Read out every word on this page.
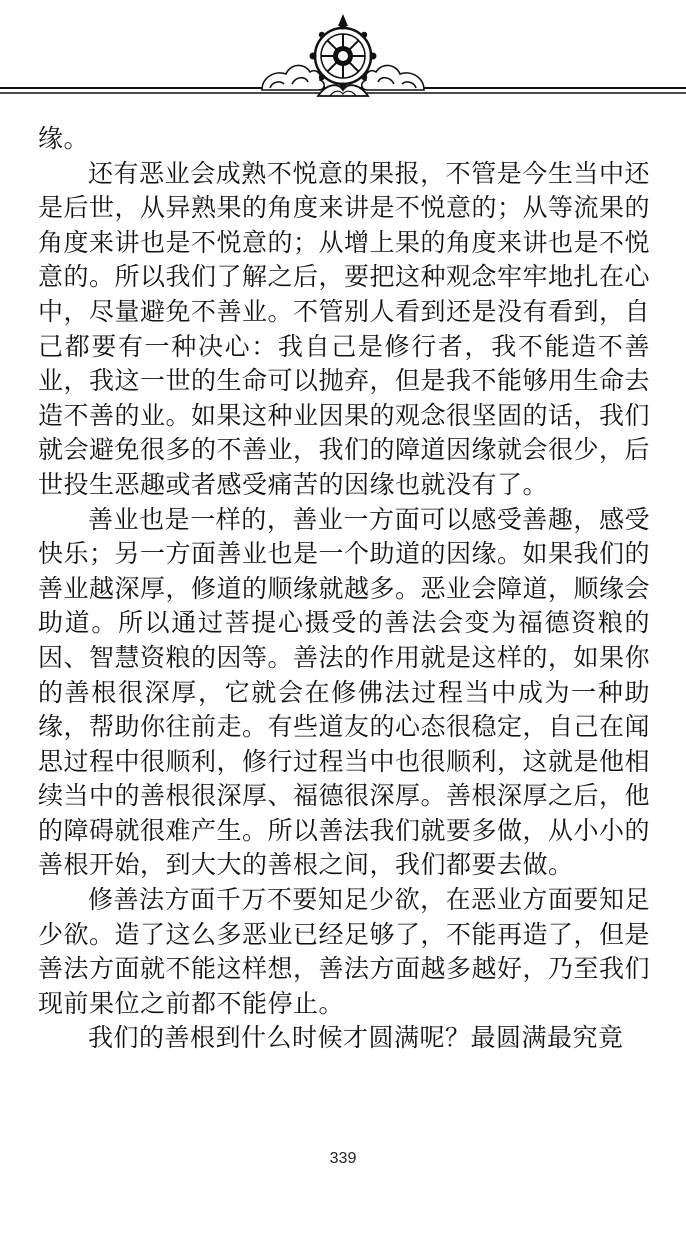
缘。

还有恶业会成熟不悦意的果报，不管是今生当中还是后世，从异熟果的角度来讲是不悦意的；从等流果的角度来讲也是不悦意的；从增上果的角度来讲也是不悦意的。所以我们了解之后，要把这种观念牢牢地扎在心中，尽量避免不善业。不管别人看到还是没有看到，自己都要有一种决心：我自己是修行者，我不能造不善业，我这一世的生命可以抛弃，但是我不能够用生命去造不善的业。如果这种业因果的观念很坚固的话，我们就会避免很多的不善业，我们的障道因缘就会很少，后世投生恶趣或者感受痛苦的因缘也就没有了。

善业也是一样的，善业一方面可以感受善趣，感受快乐；另一方面善业也是一个助道的因缘。如果我们的善业越深厚，修道的顺缘就越多。恶业会障道，顺缘会助道。所以通过菩提心摄受的善法会变为福德资粮的因、智慧资粮的因等。善法的作用就是这样的，如果你的善根很深厚，它就会在修佛法过程当中成为一种助缘，帮助你往前走。有些道友的心态很稳定，自己在闻思过程中很顺利，修行过程当中也很顺利，这就是他相续当中的善根很深厚、福德很深厚。善根深厚之后，他的障碍就很难产生。所以善法我们就要多做，从小小的善根开始，到大大的善根之间，我们都要去做。

修善法方面千万不要知足少欲，在恶业方面要知足少欲。造了这么多恶业已经足够了，不能再造了，但是善法方面就不能这样想，善法方面越多越好，乃至我们现前果位之前都不能停止。

我们的善根到什么时候才圆满呢？最圆满最究竟

339
